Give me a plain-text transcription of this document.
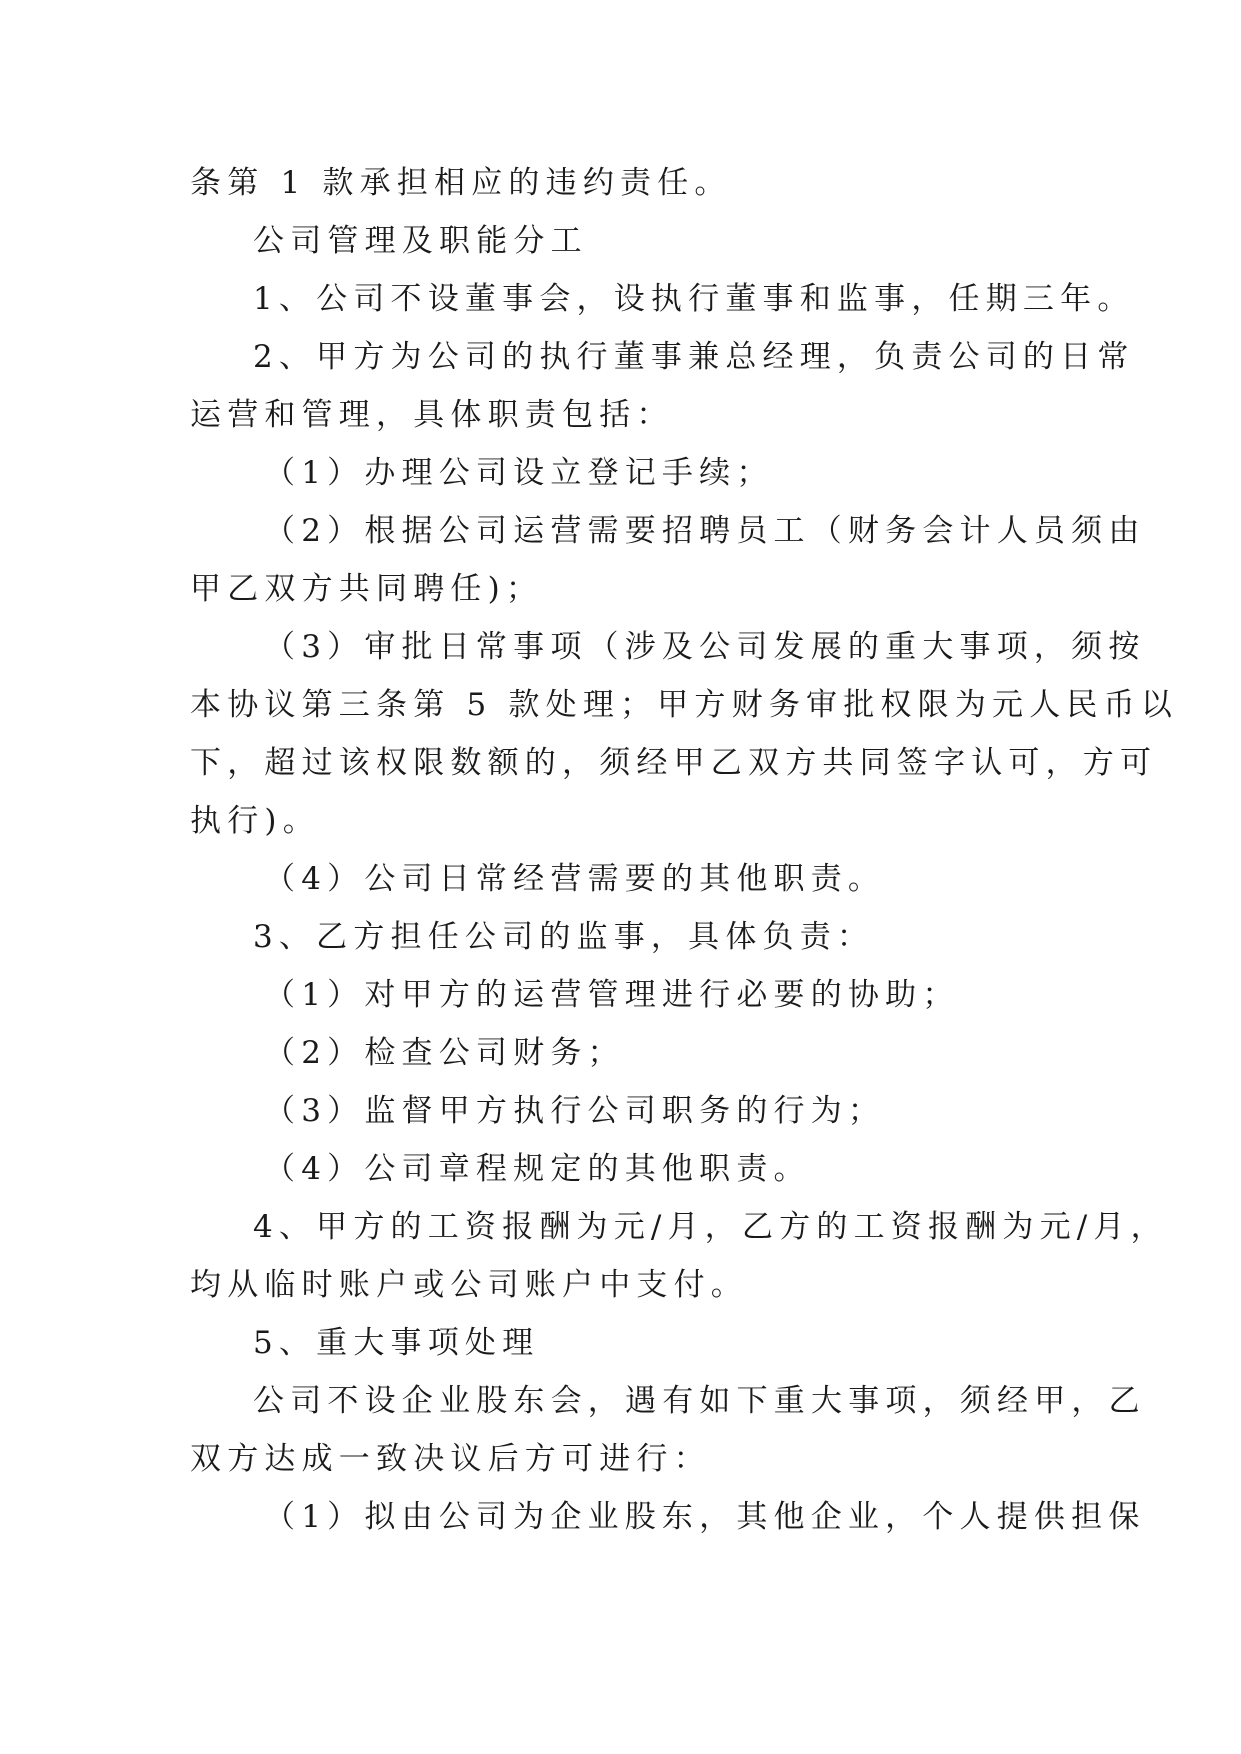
条第 1 款承担相应的违约责任。
公司管理及职能分工
1、公司不设董事会，设执行董事和监事，任期三年。
2、甲方为公司的执行董事兼总经理，负责公司的日常
运营和管理，具体职责包括：
（1）办理公司设立登记手续；
（2）根据公司运营需要招聘员工（财务会计人员须由
甲乙双方共同聘任)；
（3）审批日常事项（涉及公司发展的重大事项，须按
本协议第三条第 5 款处理；甲方财务审批权限为元人民币以
下，超过该权限数额的，须经甲乙双方共同签字认可，方可
执行)。
（4）公司日常经营需要的其他职责。
3、乙方担任公司的监事，具体负责：
（1）对甲方的运营管理进行必要的协助；
（2）检查公司财务；
（3）监督甲方执行公司职务的行为；
（4）公司章程规定的其他职责。
4、甲方的工资报酬为元/月，乙方的工资报酬为元/月，
均从临时账户或公司账户中支付。
5、重大事项处理
公司不设企业股东会，遇有如下重大事项，须经甲，乙
双方达成一致决议后方可进行：
（1）拟由公司为企业股东，其他企业，个人提供担保
